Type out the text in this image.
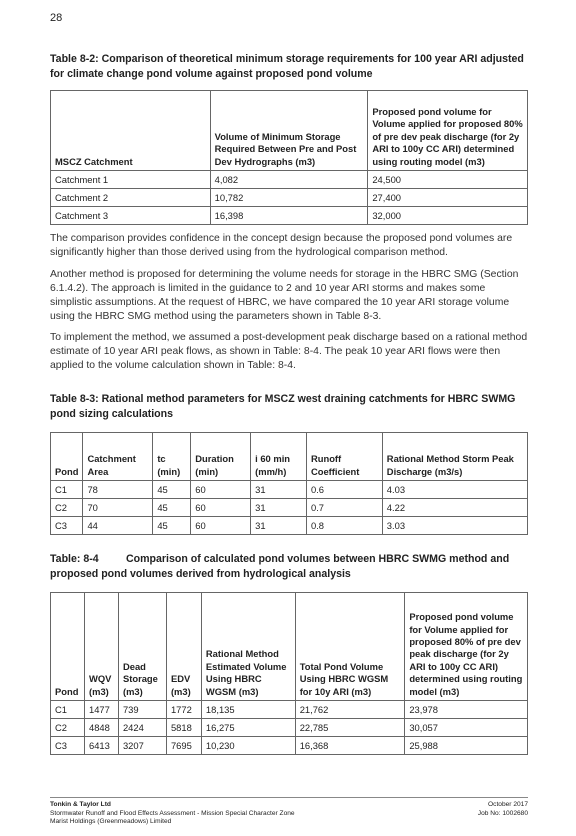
28
Table 8-2: Comparison of theoretical minimum storage requirements for 100 year ARI adjusted for climate change pond volume against proposed pond volume
MSCZ Catchment	Volume of Minimum Storage Required Between Pre and Post Dev Hydrographs (m3)	Proposed pond volume for Volume applied for proposed 80% of pre dev peak discharge (for 2y ARI to 100y CC ARI) determined using routing model (m3)
Catchment 1	4,082	24,500
Catchment 2	10,782	27,400
Catchment 3	16,398	32,000
The comparison provides confidence in the concept design because the proposed pond volumes are significantly higher than those derived using from the hydrological comparison method.
Another method is proposed for determining the volume needs for storage in the HBRC SMG (Section 6.1.4.2). The approach is limited in the guidance to 2 and 10 year ARI storms and makes some simplistic assumptions. At the request of HBRC, we have compared the 10 year ARI storage volume using the HBRC SMG method using the parameters shown in Table 8-3.
To implement the method, we assumed a post-development peak discharge based on a rational method estimate of 10 year ARI peak flows, as shown in Table: 8-4. The peak 10 year ARI flows were then applied to the volume calculation shown in Table: 8-4.
Table 8-3: Rational method parameters for MSCZ west draining catchments for HBRC SWMG pond sizing calculations
Pond	Catchment Area	tc (min)	Duration (min)	i 60 min (mm/h)	Runoff Coefficient	Rational Method Storm Peak Discharge (m3/s)
C1	78	45	60	31	0.6	4.03
C2	70	45	60	31	0.7	4.22
C3	44	45	60	31	0.8	3.03
Table: 8-4	Comparison of calculated pond volumes between HBRC SWMG method and proposed pond volumes derived from hydrological analysis
Pond	WQV (m3)	Dead Storage (m3)	EDV (m3)	Rational Method Estimated Volume Using HBRC WGSM (m3)	Total Pond Volume Using HBRC WGSM for 10y ARI (m3)	Proposed pond volume for Volume applied for proposed 80% of pre dev peak discharge (for 2y ARI to 100y CC ARI) determined using routing model (m3)
C1	1477	739	1772	18,135	21,762	23,978
C2	4848	2424	5818	16,275	22,785	30,057
C3	6413	3207	7695	10,230	16,368	25,988
Tonkin & Taylor Ltd
Stormwater Runoff and Flood Effects Assessment - Mission Special Character Zone
Marist Holdings (Greenmeadows) Limited
October 2017
Job No: 1002680
